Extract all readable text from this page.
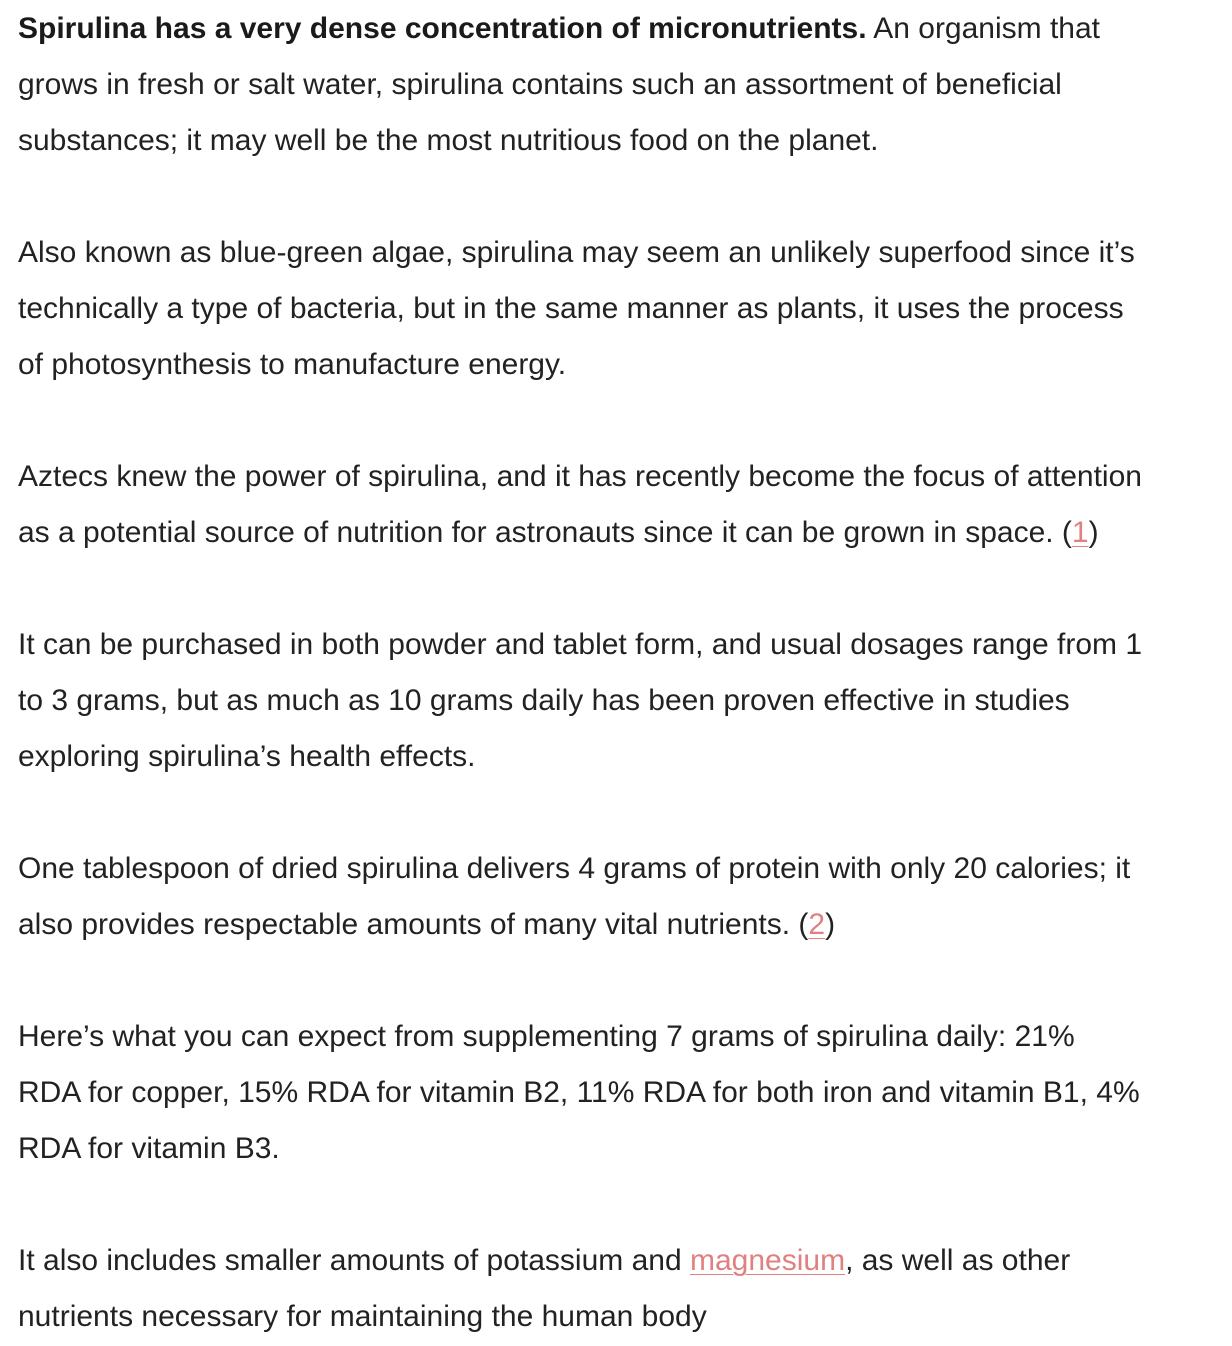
Spirulina has a very dense concentration of micronutrients. An organism that
grows in fresh or salt water, spirulina contains such an assortment of beneficial
substances; it may well be the most nutritious food on the planet.

Also known as blue-green algae, spirulina may seem an unlikely superfood since it’s
technically a type of bacteria, but in the same manner as plants, it uses the process
of photosynthesis to manufacture energy.

Aztecs knew the power of spirulina, and it has recently become the focus of attention
as a potential source of nutrition for astronauts since it can be grown in space. (1)

It can be purchased in both powder and tablet form, and usual dosages range from 1
to 3 grams, but as much as 10 grams daily has been proven effective in studies
exploring spirulina’s health effects.

One tablespoon of dried spirulina delivers 4 grams of protein with only 20 calories; it
also provides respectable amounts of many vital nutrients. (2)

Here’s what you can expect from supplementing 7 grams of spirulina daily: 21%
RDA for copper, 15% RDA for vitamin B2, 11% RDA for both iron and vitamin B1, 4%
RDA for vitamin B3.

It also includes smaller amounts of potassium and magnesium, as well as other
nutrients necessary for maintaining the human body
